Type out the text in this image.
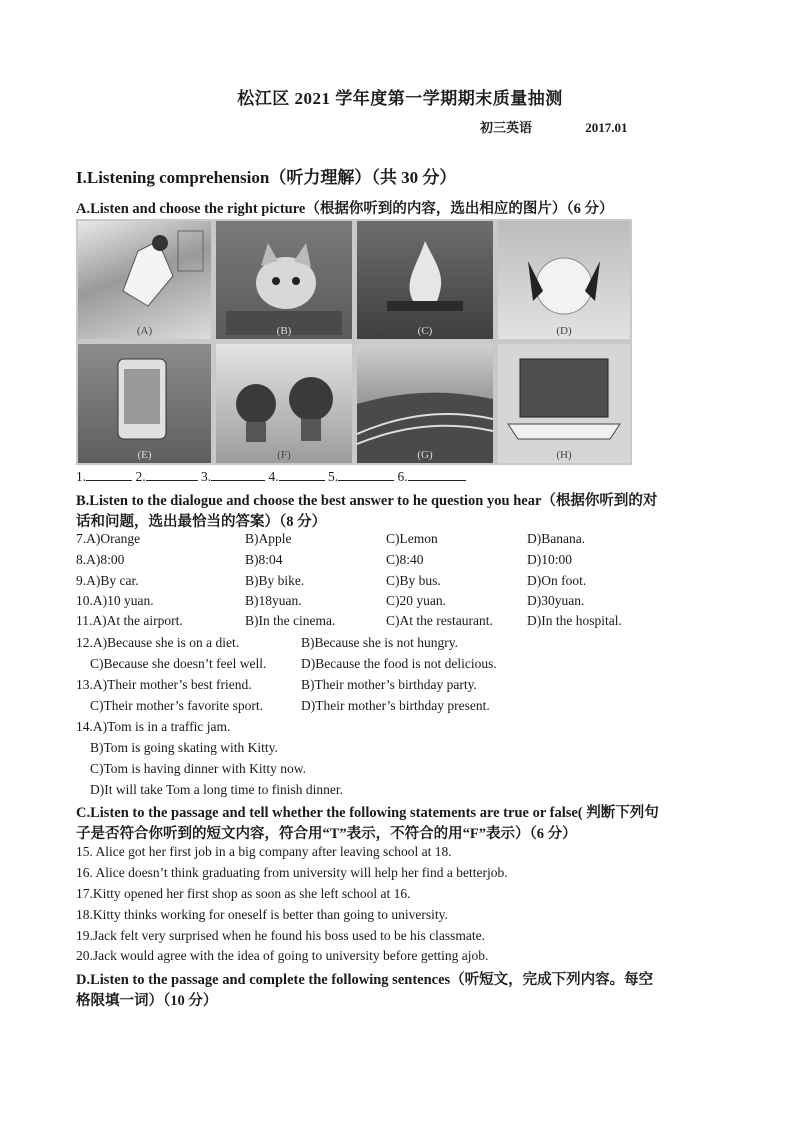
松江区 2021 学年度第一学期期末质量抽测
初三英语	2017.01
I.Listening comprehension（听力理解）（共 30 分）
A.Listen and choose the right picture（根据你听到的内容，选出相应的图片）（6 分）
(A)	(B)	(C)	(D)
(E)	(F)	(G)	(H)
1.	2.	3.	4.	5.	6.
B.Listen to the dialogue and choose the best answer to he question you hear（根据你听到的对
话和问题，选出最恰当的答案）（8 分）
7.A)Orange	B)Apple	C)Lemon	D)Banana.
8.A)8:00	B)8:04	C)8:40	D)10:00
9.A)By car.	B)By bike.	C)By bus.	D)On foot.
10.A)10 yuan.	B)18yuan.	C)20 yuan.	D)30yuan.
11.A)At the airport.	B)In the cinema.	C)At the restaurant.	D)In the hospital.
12.A)Because she is on a diet.	B)Because she is not hungry.
C)Because she doesn’t feel well.	D)Because the food is not delicious.
13.A)Their mother’s best friend.	B)Their mother’s birthday party.
C)Their mother’s favorite sport.	D)Their mother’s birthday present.
14.A)Tom is in a traffic jam.
B)Tom is going skating with Kitty.
C)Tom is having dinner with Kitty now.
D)It will take Tom a long time to finish dinner.
C.Listen to the passage and tell whether the following statements are true or false( 判断下列句
子是否符合你听到的短文内容，符合用“T”表示，不符合的用“F”表示）（6 分）
15. Alice got her first job in a big company after leaving school at 18.
16. Alice doesn’t think graduating from university will help her find a betterjob.
17.Kitty opened her first shop as soon as she left school at 16.
18.Kitty thinks working for oneself is better than going to university.
19.Jack felt very surprised when he found his boss used to be his classmate.
20.Jack would agree with the idea of going to university before getting ajob.
D.Listen to the passage and complete the following sentences（听短文，完成下列内容。每空
格限填一词）（10 分）
